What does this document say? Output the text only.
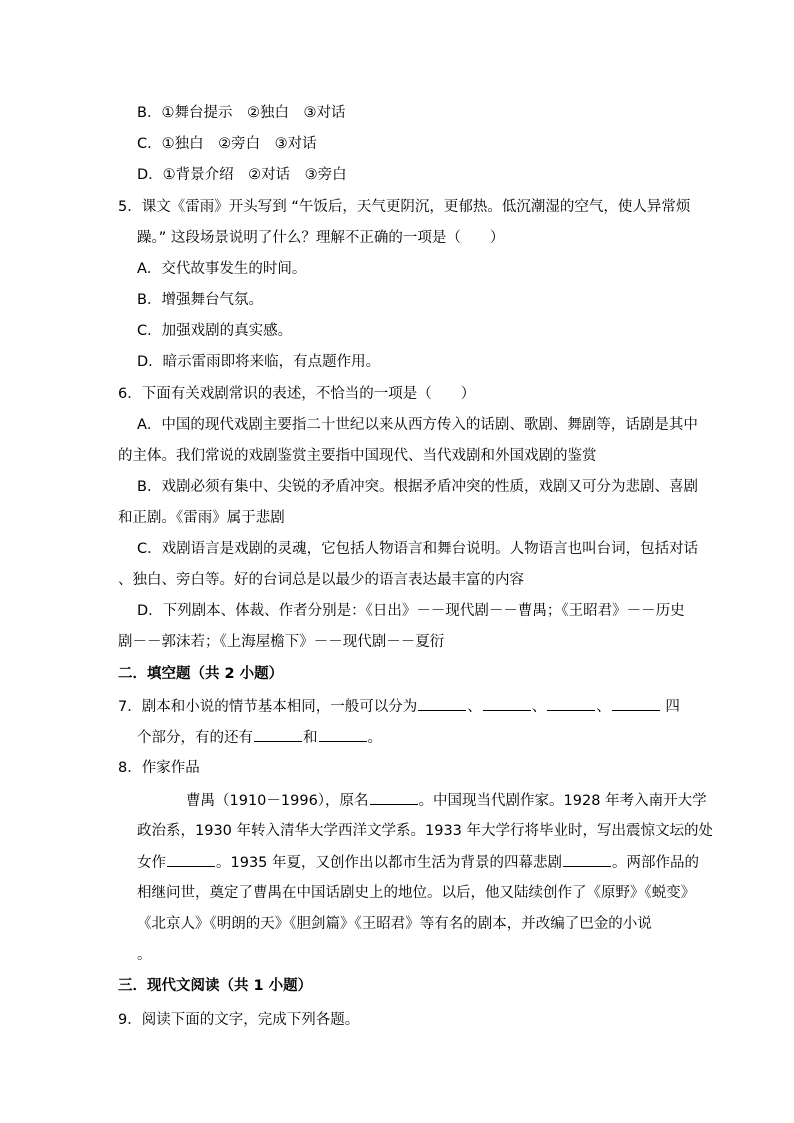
B．①舞台提示　②独白　③对话
C．①独白　②旁白　③对话
D．①背景介绍　②对话　③旁白
5．课文《雷雨》开头写到 “午饭后，天气更阴沉，更郁热。低沉潮湿的空气，使人异常烦
躁。” 这段场景说明了什么？理解不正确的一项是（　　）
A．交代故事发生的时间。
B．增强舞台气氛。
C．加强戏剧的真实感。
D．暗示雷雨即将来临，有点题作用。
6．下面有关戏剧常识的表述，不恰当的一项是（　　）
A．中国的现代戏剧主要指二十世纪以来从西方传入的话剧、歌剧、舞剧等，话剧是其中
的主体。我们常说的戏剧鉴赏主要指中国现代、当代戏剧和外国戏剧的鉴赏
B．戏剧必须有集中、尖锐的矛盾冲突。根据矛盾冲突的性质，戏剧又可分为悲剧、喜剧
和正剧。《雷雨》属于悲剧
C．戏剧语言是戏剧的灵魂，它包括人物语言和舞台说明。人物语言也叫台词，包括对话
、独白、旁白等。好的台词总是以最少的语言表达最丰富的内容
D．下列剧本、体裁、作者分别是：《日出》－－现代剧－－曹禺；《王昭君》－－历史
剧－－郭沫若；《上海屋檐下》－－现代剧－－夏衍
二．填空题（共 2 小题）
7．剧本和小说的情节基本相同，一般可以分为	、	、	、	四
个部分，有的还有	和	。
8．作家作品
曹禺（1910－1996），原名	。中国现当代剧作家。1928 年考入南开大学
政治系，1930 年转入清华大学西洋文学系。1933 年大学行将毕业时，写出震惊文坛的处
女作	。1935 年夏，又创作出以都市生活为背景的四幕悲剧	。两部作品的
相继问世，奠定了曹禺在中国话剧史上的地位。以后，他又陆续创作了《原野》《蜕变》
《北京人》《明朗的天》《胆剑篇》《王昭君》等有名的剧本，并改编了巴金的小说
。
三．现代文阅读（共 1 小题）
9．阅读下面的文字，完成下列各题。
